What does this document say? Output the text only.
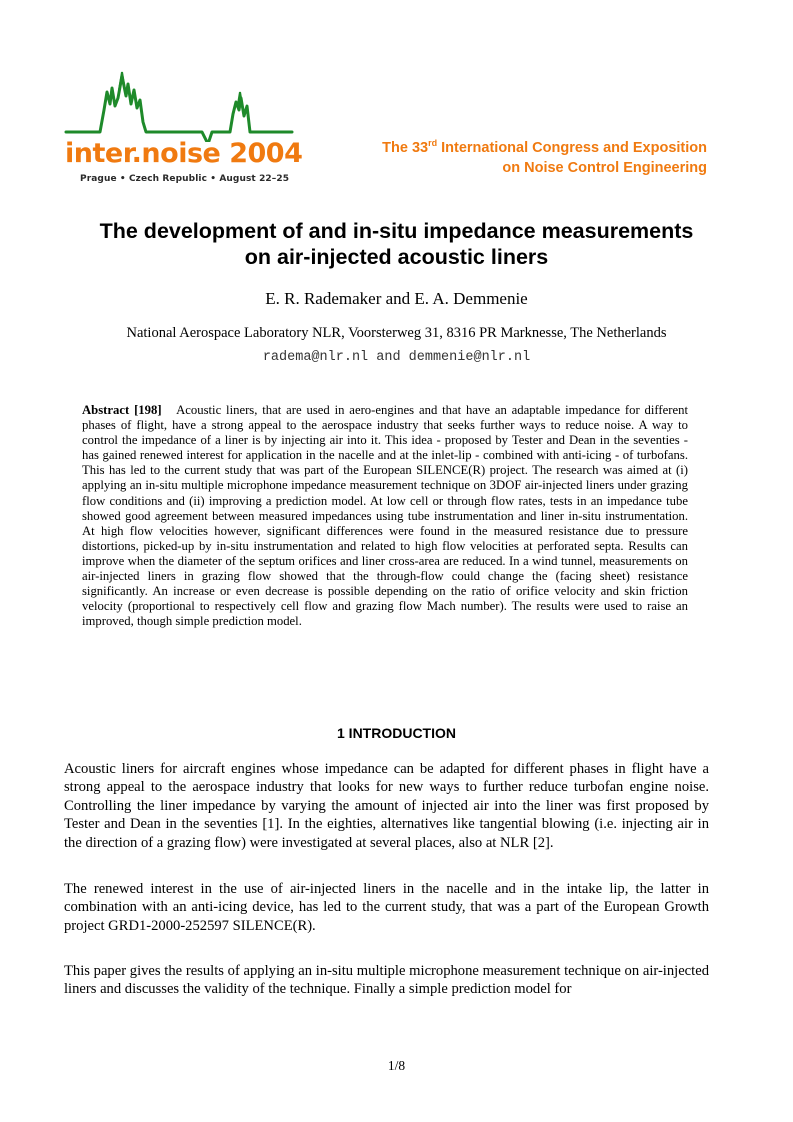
inter.noise 2004
Prague • Czech Republic • August 22–25
The 33rd International Congress and Exposition
on Noise Control Engineering
The development of and in-situ impedance measurements
on air-injected acoustic liners
E. R. Rademaker and E. A. Demmenie
National Aerospace Laboratory NLR, Voorsterweg 31, 8316 PR Marknesse, The Netherlands
radema@nlr.nl and demmenie@nlr.nl
Abstract [198] Acoustic liners, that are used in aero-engines and that have an adaptable impedance for different phases of flight, have a strong appeal to the aerospace industry that seeks further ways to reduce noise. A way to control the impedance of a liner is by injecting air into it. This idea - proposed by Tester and Dean in the seventies - has gained renewed interest for application in the nacelle and at the inlet-lip - combined with anti-icing - of turbofans. This has led to the current study that was part of the European SILENCE(R) project. The research was aimed at (i) applying an in-situ multiple microphone impedance measurement technique on 3DOF air-injected liners under grazing flow conditions and (ii) improving a prediction model. At low cell or through flow rates, tests in an impedance tube showed good agreement between measured impedances using tube instrumentation and liner in-situ instrumentation. At high flow velocities however, significant differences were found in the measured resistance due to pressure distortions, picked-up by in-situ instrumentation and related to high flow velocities at perforated septa. Results can improve when the diameter of the septum orifices and liner cross-area are reduced. In a wind tunnel, measurements on air-injected liners in grazing flow showed that the through-flow could change the (facing sheet) resistance significantly. An increase or even decrease is possible depending on the ratio of orifice velocity and skin friction velocity (proportional to respectively cell flow and grazing flow Mach number). The results were used to raise an improved, though simple prediction model.
1 INTRODUCTION
Acoustic liners for aircraft engines whose impedance can be adapted for different phases in flight have a strong appeal to the aerospace industry that looks for new ways to further reduce turbofan engine noise. Controlling the liner impedance by varying the amount of injected air into the liner was first proposed by Tester and Dean in the seventies [1]. In the eighties, alternatives like tangential blowing (i.e. injecting air in the direction of a grazing flow) were investigated at several places, also at NLR [2].
The renewed interest in the use of air-injected liners in the nacelle and in the intake lip, the latter in combination with an anti-icing device, has led to the current study, that was a part of the European Growth project GRD1-2000-252597 SILENCE(R).
This paper gives the results of applying an in-situ multiple microphone measurement technique on air-injected liners and discusses the validity of the technique. Finally a simple prediction model for
1/8
